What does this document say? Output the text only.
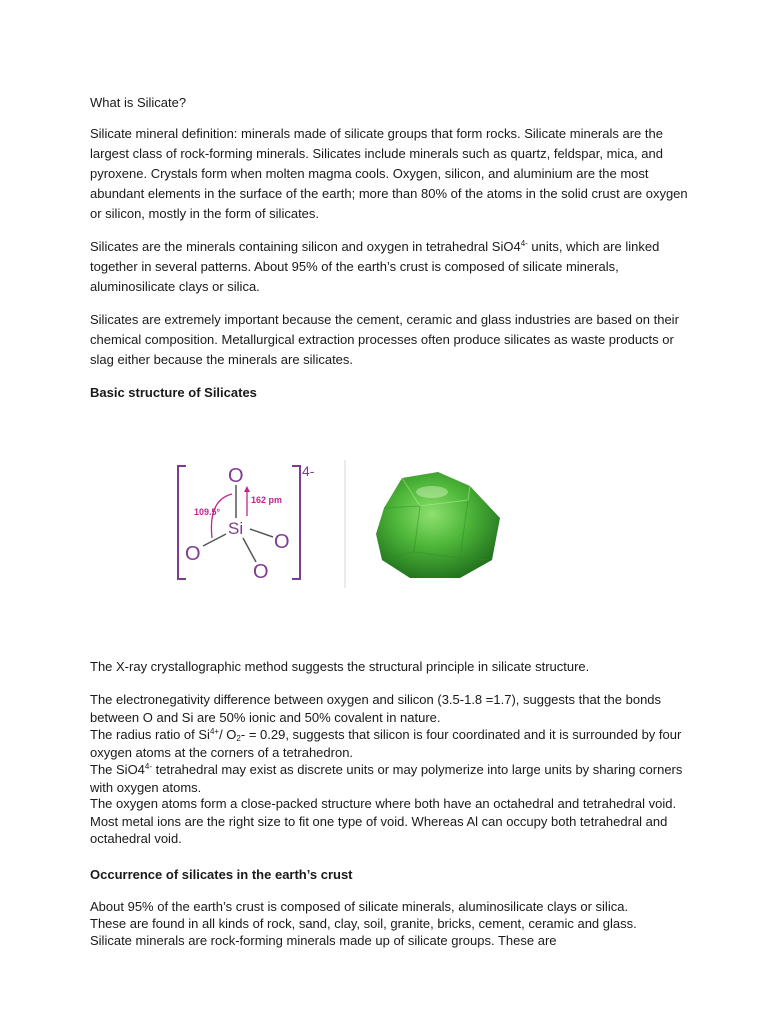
What is Silicate?

Silicate mineral definition: minerals made of silicate groups that form rocks. Silicate minerals are the largest class of rock-forming minerals. Silicates include minerals such as quartz, feldspar, mica, and pyroxene. Crystals form when molten magma cools. Oxygen, silicon, and aluminium are the most abundant elements in the surface of the earth; more than 80% of the atoms in the solid crust are oxygen or silicon, mostly in the form of silicates.

Silicates are the minerals containing silicon and oxygen in tetrahedral $SiO4^{4-}$ units, which are linked together in several patterns. About 95% of the earth’s crust is composed of silicate minerals, aluminosilicate clays or silica.

Silicates are extremely important because the cement, ceramic and glass industries are based on their chemical composition. Metallurgical extraction processes often produce silicates as waste products or slag either because the minerals are silicates.

Basic structure of Silicates

The X-ray crystallographic method suggests the structural principle in silicate structure.

The electronegativity difference between oxygen and silicon (3.5-1.8 =1.7), suggests that the bonds between O and Si are 50% ionic and 50% covalent in nature.

The radius ratio of $Si^{4+}/$ $O_2- = 0.29$, suggests that silicon is four coordinated and it is surrounded by four oxygen atoms at the corners of a tetrahedron.

The $SiO4^{4-}$ tetrahedral may exist as discrete units or may polymerize into large units by sharing corners with oxygen atoms.

The oxygen atoms form a close-packed structure where both have an octahedral and tetrahedral void. Most metal ions are the right size to fit one type of void. Whereas Al can occupy both tetrahedral and octahedral void.

Occurrence of silicates in the earth’s crust

About 95% of the earth’s crust is composed of silicate minerals, aluminosilicate clays or silica.

These are found in all kinds of rock, sand, clay, soil, granite, bricks, cement, ceramic and glass.

Silicate minerals are rock-forming minerals made up of silicate groups. These are

4-
O
Si
O
O
O
162 pm
109.5°
